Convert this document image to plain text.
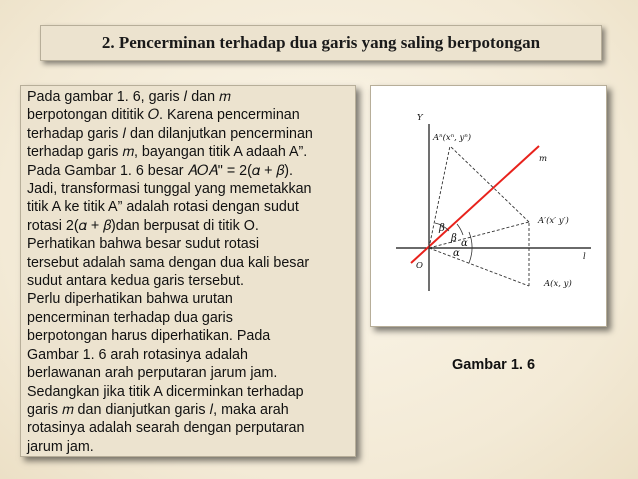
2. Pencerminan terhadap dua garis yang saling berpotongan
Pada gambar 1. 6, garis 𝑙 dan 𝑚
berpotongan dititik 𝑂. Karena pencerminan
terhadap garis 𝑙 dan dilanjutkan pencerminan
terhadap garis 𝑚, bayangan titik A adaah A”.
Pada Gambar 1. 6 besar 𝐴𝑂𝐴" = 2(𝛼 + 𝛽).
Jadi, transformasi tunggal yang memetakkan
titik A ke titik A” adalah rotasi dengan sudut
rotasi 2(𝛼 + 𝛽)dan berpusat di titik O.
Perhatikan bahwa besar sudut rotasi
tersebut adalah sama dengan dua kali besar
sudut antara kedua garis tersebut.
Perlu diperhatikan bahwa urutan
pencerminan terhadap dua garis
berpotongan harus diperhatikan. Pada
Gambar 1. 6 arah rotasinya adalah
berlawanan arah perputaran jarum jam.
Sedangkan jika titik A dicerminkan terhadap
garis 𝑚 dan dianjutkan garis 𝑙, maka arah
rotasinya adalah searah dengan perputaran
jarum jam.
𝑌
𝑂
𝑙
𝑚
𝐴(𝑥, 𝑦)
𝐴′(𝑥′ 𝑦′)
𝐴ⁿ(𝑥ⁿ, 𝑦ⁿ)
β
β α
α
Gambar 1. 6
